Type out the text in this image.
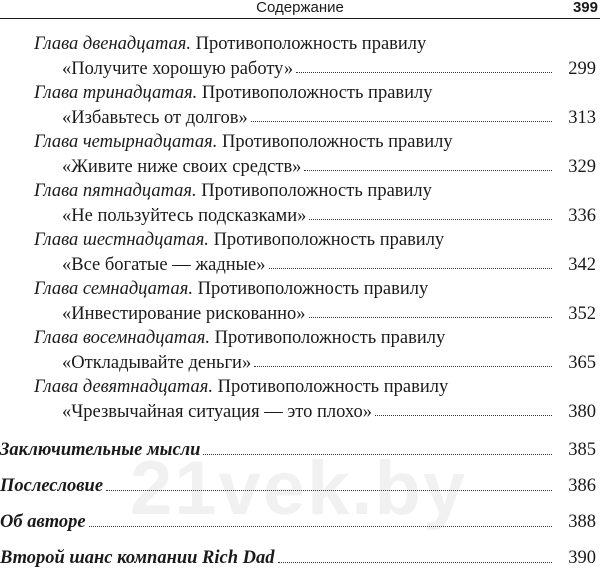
Содержание	399
Глава двенадцатая. Противоположность правилу
«Получите хорошую работу»	299
Глава тринадцатая. Противоположность правилу
«Избавьтесь от долгов»	313
Глава четырнадцатая. Противоположность правилу
«Живите ниже своих средств»	329
Глава пятнадцатая. Противоположность правилу
«Не пользуйтесь подсказками»	336
Глава шестнадцатая. Противоположность правилу
«Все богатые — жадные»	342
Глава семнадцатая. Противоположность правилу
«Инвестирование рискованно»	352
Глава восемнадцатая. Противоположность правилу
«Откладывайте деньги»	365
Глава девятнадцатая. Противоположность правилу
«Чрезвычайная ситуация — это плохо»	380
Заключительные мысли	385
Послесловие	386
Об авторе	388
Второй шанс компании Rich Dad	390
21vek.by
